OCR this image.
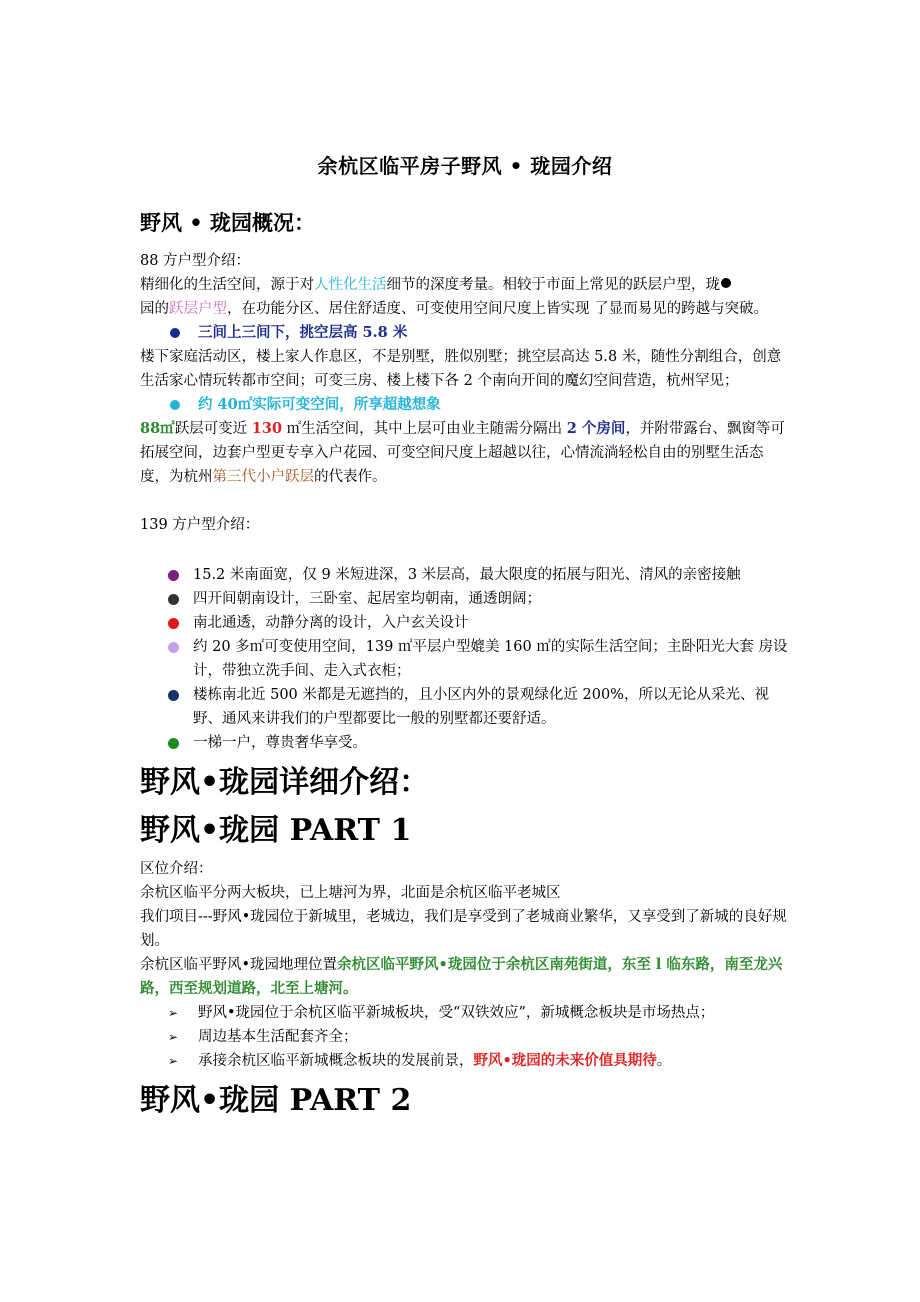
余杭区临平房子野风 • 珑园介绍
野风 • 珑园概况：

88 方户型介绍：

精细化的生活空间，源于对人性化生活细节的深度考量。相较于市面上常见的跃层户型，珑
园的跃层户型，在功能分区、居住舒适度、可变使用空间尺度上皆实现 了显而易见的跨越与突破。

三间上三间下，挑空层高 5.8 米

楼下家庭活动区，楼上家人作息区，不是别墅，胜似别墅；挑空层高达 5.8 米，随性分割组合，创意生活家心情玩转都市空间；可变三房、楼上楼下各 2 个南向开间的魔幻空间营造，杭州罕见；

约 40㎡实际可变空间，所享超越想象

88㎡跃层可变近 130 ㎡生活空间，其中上层可由业主随需分隔出 2 个房间，并附带露台、飘窗等可拓展空间，边套户型更专享入户花园、可变空间尺度上超越以往，心情流淌轻松自由的别墅生活态度，为杭州第三代小户跃层的代表作。

139 方户型介绍：

15.2 米南面宽，仅 9 米短进深，3 米层高，最大限度的拓展与阳光、清风的亲密接触
四开间朝南设计，三卧室、起居室均朝南，通透朗阔；
南北通透，动静分离的设计，入户玄关设计
约 20 多㎡可变使用空间，139 ㎡平层户型媲美 160 ㎡的实际生活空间；主卧阳光大套 房设计，带独立洗手间、走入式衣柜；
楼栋南北近 500 米都是无遮挡的，且小区内外的景观绿化近 200%，所以无论从采光、视野、通风来讲我们的户型都要比一般的别墅都还要舒适。
一梯一户，尊贵奢华享受。
野风•珑园详细介绍：
野风•珑园 PART 1

区位介绍：

余杭区临平分两大板块，已上塘河为界，北面是余杭区临平老城区

我们项目---野风•珑园位于新城里，老城边，我们是享受到了老城商业繁华，又享受到了新城的良好规划。

余杭区临平野风•珑园地理位置余杭区临平野风•珑园位于余杭区南苑街道，东至 l 临东路，南至龙兴路，西至规划道路，北至上塘河。

➢ 野风•珑园位于余杭区临平新城板块，受“双铁效应”，新城概念板块是市场热点；
➢ 周边基本生活配套齐全；
➢ 承接余杭区临平新城概念板块的发展前景，野风•珑园的未来价值具期待。
野风•珑园 PART 2
